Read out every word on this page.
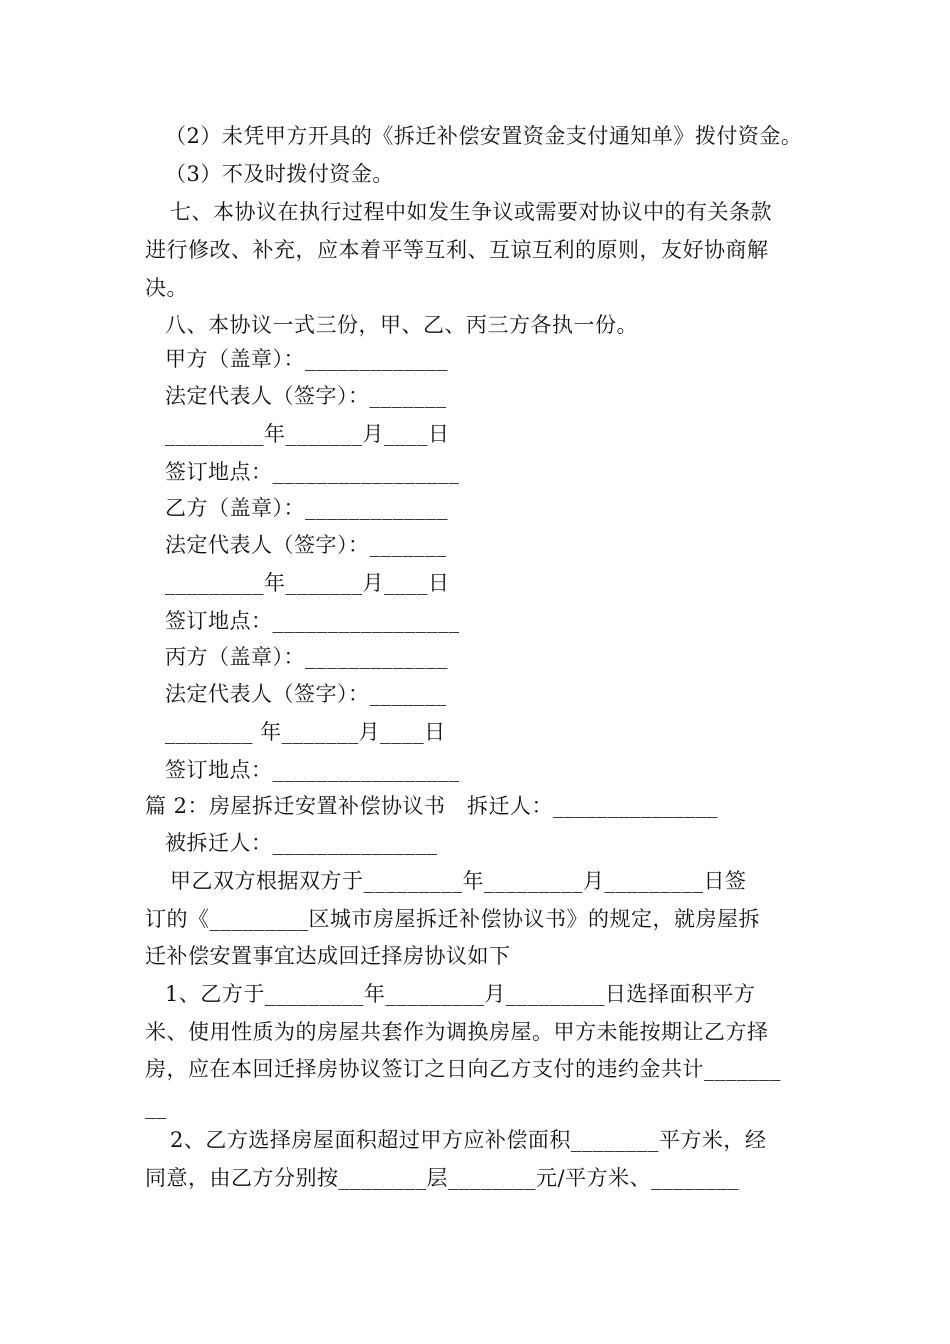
（2）未凭甲方开具的《拆迁补偿安置资金支付通知单》拨付资金。
（3）不及时拨付资金。
七、本协议在执行过程中如发生争议或需要对协议中的有关条款
进行修改、补充，应本着平等互利、互谅互利的原则，友好协商解
决。
八、本协议一式三份，甲、乙、丙三方各执一份。
甲方（盖章）：_____________
法定代表人（签字）：_______
_________年_______月____日
签订地点：_________________
乙方（盖章）：_____________
法定代表人（签字）：_______
_________年_______月____日
签订地点：_________________
丙方（盖章）：_____________
法定代表人（签字）：_______
________ 年_______月____日
签订地点：_________________
篇 2：房屋拆迁安置补偿协议书   拆迁人：_______________
被拆迁人：_______________
甲乙双方根据双方于_________年_________月_________日签
订的《_________区城市房屋拆迁补偿协议书》的规定，就房屋拆
迁补偿安置事宜达成回迁择房协议如下
1、乙方于_________年_________月_________日选择面积平方
米、使用性质为的房屋共套作为调换房屋。甲方未能按期让乙方择
房，应在本回迁择房协议签订之日向乙方支付的违约金共计_______
__
2、乙方选择房屋面积超过甲方应补偿面积________平方米，经
同意，由乙方分别按________层________元/平方米、________
